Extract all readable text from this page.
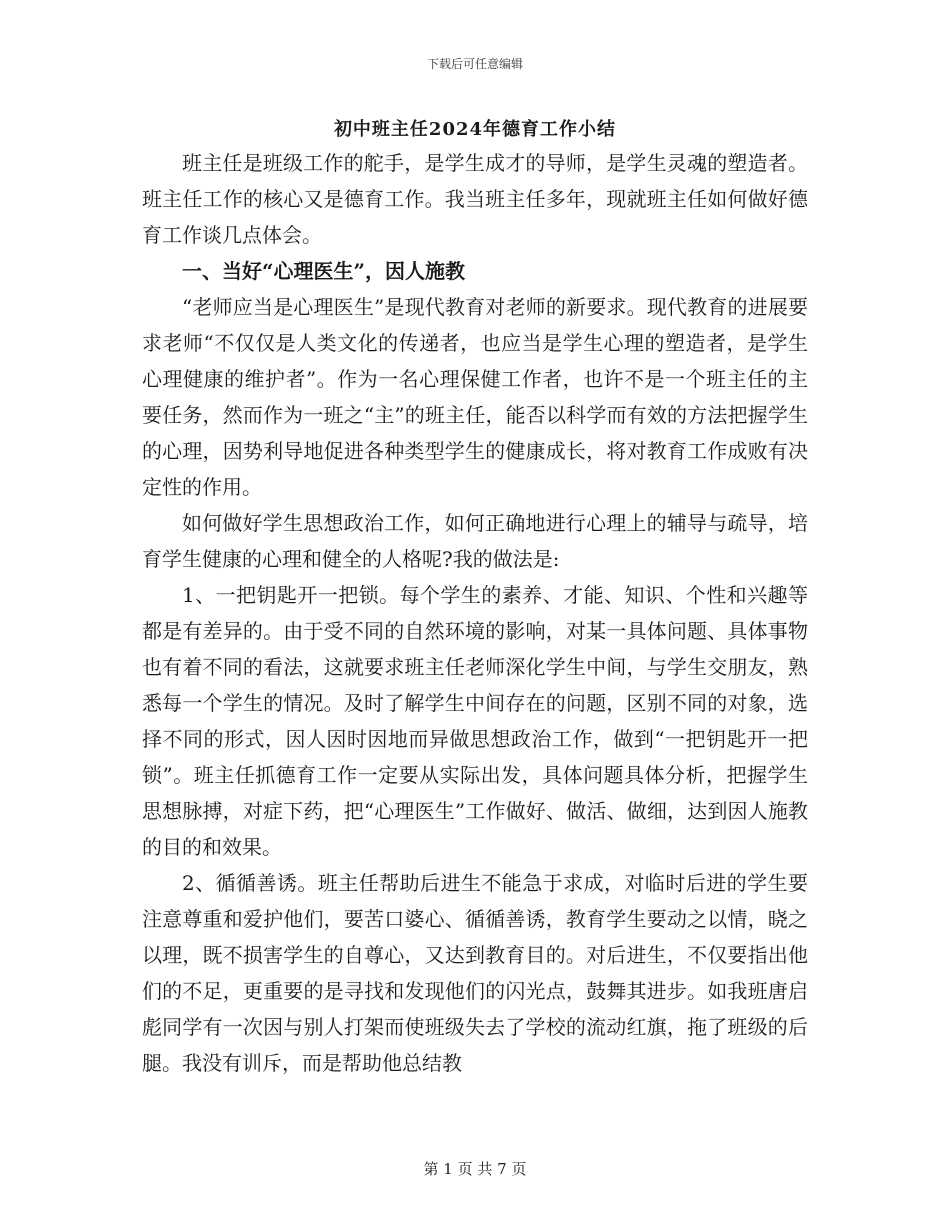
下载后可任意编辑
初中班主任2024年德育工作小结

班主任是班级工作的舵手，是学生成才的导师，是学生灵魂的塑造者。班主任工作的核心又是德育工作。我当班主任多年，现就班主任如何做好德育工作谈几点体会。

一、当好“心理医生”，因人施教

“老师应当是心理医生”是现代教育对老师的新要求。现代教育的进展要求老师“不仅仅是人类文化的传递者，也应当是学生心理的塑造者，是学生心理健康的维护者”。作为一名心理保健工作者，也许不是一个班主任的主要任务，然而作为一班之“主”的班主任，能否以科学而有效的方法把握学生的心理，因势利导地促进各种类型学生的健康成长，将对教育工作成败有决定性的作用。

如何做好学生思想政治工作，如何正确地进行心理上的辅导与疏导，培育学生健康的心理和健全的人格呢?我的做法是:

1、一把钥匙开一把锁。每个学生的素养、才能、知识、个性和兴趣等都是有差异的。由于受不同的自然环境的影响，对某一具体问题、具体事物也有着不同的看法，这就要求班主任老师深化学生中间，与学生交朋友，熟悉每一个学生的情况。及时了解学生中间存在的问题，区别不同的对象，选择不同的形式，因人因时因地而异做思想政治工作，做到“一把钥匙开一把锁”。班主任抓德育工作一定要从实际出发，具体问题具体分析，把握学生思想脉搏，对症下药，把“心理医生”工作做好、做活、做细，达到因人施教的目的和效果。

2、循循善诱。班主任帮助后进生不能急于求成，对临时后进的学生要注意尊重和爱护他们，要苦口婆心、循循善诱，教育学生要动之以情，晓之以理，既不损害学生的自尊心，又达到教育目的。对后进生，不仅要指出他们的不足，更重要的是寻找和发现他们的闪光点，鼓舞其进步。如我班唐启彪同学有一次因与别人打架而使班级失去了学校的流动红旗，拖了班级的后腿。我没有训斥，而是帮助他总结教

第 1 页 共 7 页
